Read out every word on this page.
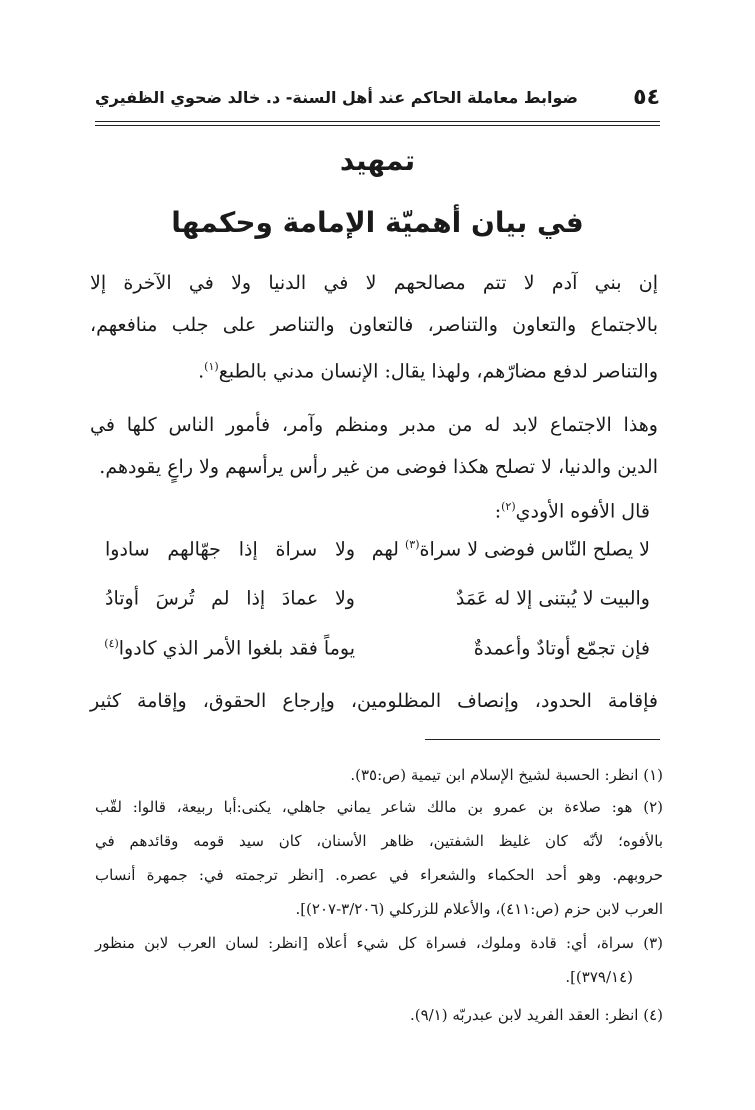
٥٤
ضوابط معاملة الحاكم عند أهل السنة- د. خالد ضحوي الظفيري
تمهيد
في بيان أهميّة الإمامة وحكمها
إن بني آدم لا تتم مصالحهم لا في الدنيا ولا في الآخرة إلا
بالاجتماع والتعاون والتناصر، فالتعاون والتناصر على جلب منافعهم،
والتناصر لدفع مضارّهم، ولهذا يقال: الإنسان مدني بالطبع$^{(١)}$.
وهذا الاجتماع لابد له من مدبر ومنظم وآمر، فأمور الناس كلها في
الدين والدنيا، لا تصلح هكذا فوضى من غير رأس يرأسهم ولا راعٍ يقودهم.
قال الأفوه الأودي$^{(٢)}$:
لا يصلح النّاس فوضى لا سراة$^{(٣)}$ لهم
ولا سراة إذا جهّالهم سادوا
والبيت لا يُبتنى إلا له عَمَدٌ
ولا عمادَ إذا لم تُرسَ أوتادُ
فإن تجمّع أوتادٌ وأعمدةٌ
يوماً فقد بلغوا الأمر الذي كادوا$^{(٤)}$
فإقامة الحدود، وإنصاف المظلومين، وإرجاع الحقوق، وإقامة كثير
(١) انظر: الحسبة لشيخ الإسلام ابن تيمية (ص:٣٥).
(٢) هو: صلاءة بن عمرو بن مالك شاعر يماني جاهلي، يكنى:أبا ربيعة، قالوا: لقّب
بالأفوه؛ لأنّه كان غليظ الشفتين، ظاهر الأسنان، كان سيد قومه وقائدهم في
حروبهم. وهو أحد الحكماء والشعراء في عصره. [انظر ترجمته في: جمهرة أنساب
العرب لابن حزم (ص:٤١١)، والأعلام للزركلي (٣/٢٠٦-٢٠٧)].
(٣) سراة، أي: قادة وملوك، فسراة كل شيء أعلاه [انظر: لسان العرب لابن منظور
(٣٧٩/١٤)].
(٤) انظر: العقد الفريد لابن عبدربّه (٩/١).
